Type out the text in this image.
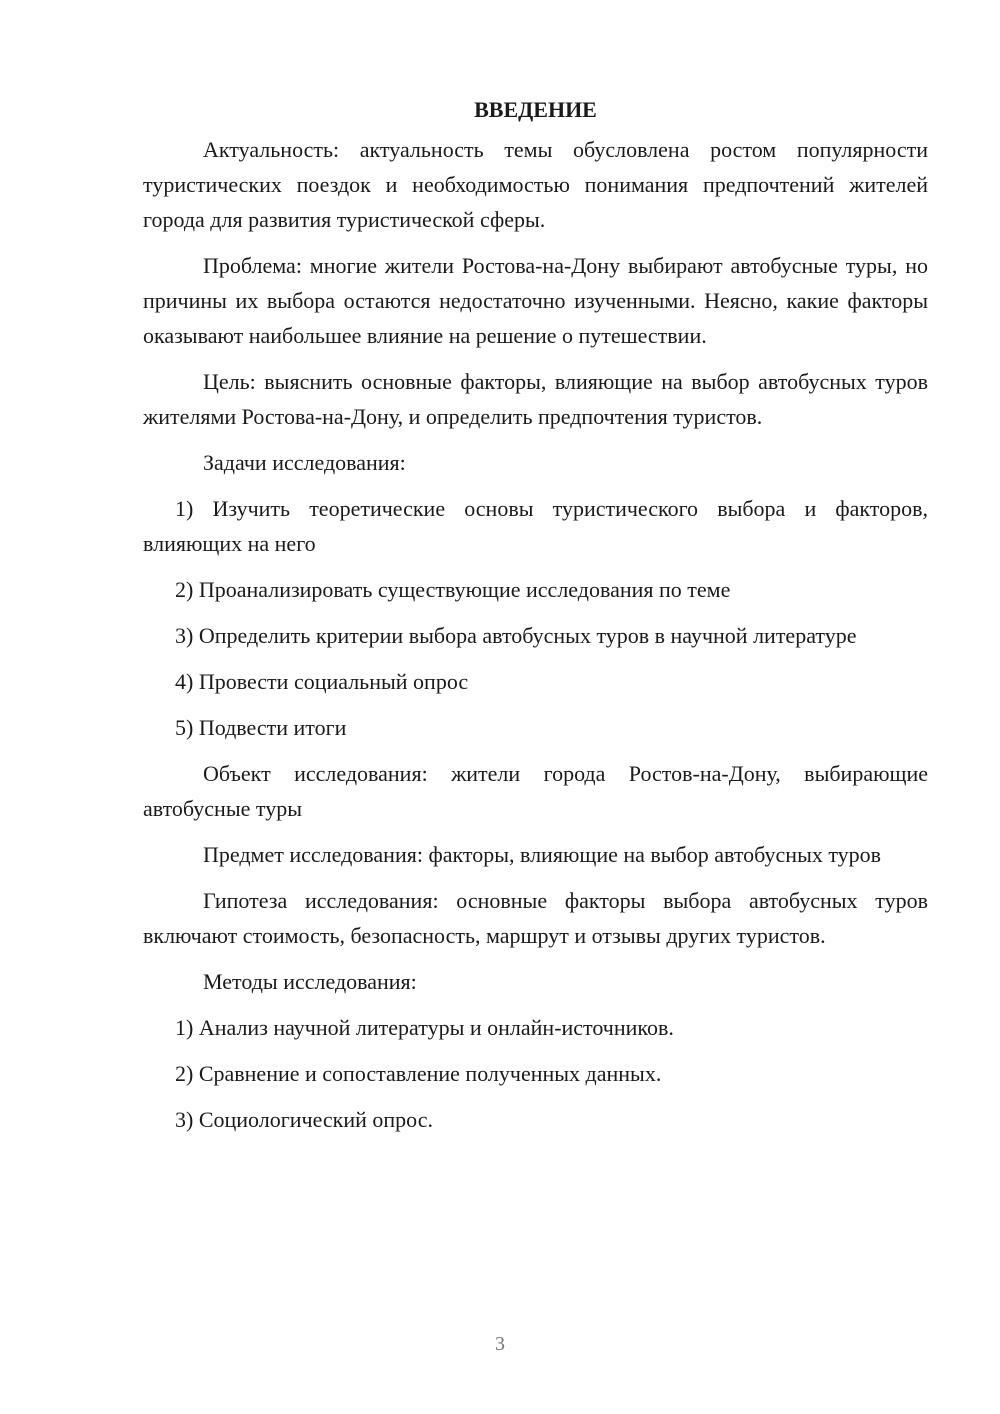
ВВЕДЕНИЕ

Актуальность: актуальность темы обусловлена ростом популярности туристических поездок и необходимостью понимания предпочтений жителей города для развития туристической сферы.

Проблема: многие жители Ростова-на-Дону выбирают автобусные туры, но причины их выбора остаются недостаточно изученными. Неясно, какие факторы оказывают наибольшее влияние на решение о путешествии.

Цель: выяснить основные факторы, влияющие на выбор автобусных туров жителями Ростова-на-Дону, и определить предпочтения туристов.

Задачи исследования:

1) Изучить теоретические основы туристического выбора и факторов, влияющих на него

2) Проанализировать существующие исследования по теме

3) Определить критерии выбора автобусных туров в научной литературе

4) Провести социальный опрос

5) Подвести итоги

Объект исследования: жители города Ростов-на-Дону, выбирающие автобусные туры

Предмет исследования: факторы, влияющие на выбор автобусных туров

Гипотеза исследования: основные факторы выбора автобусных туров включают стоимость, безопасность, маршрут и отзывы других туристов.

Методы исследования:

1) Анализ научной литературы и онлайн-источников.

2) Сравнение и сопоставление полученных данных.

3) Социологический опрос.

3
